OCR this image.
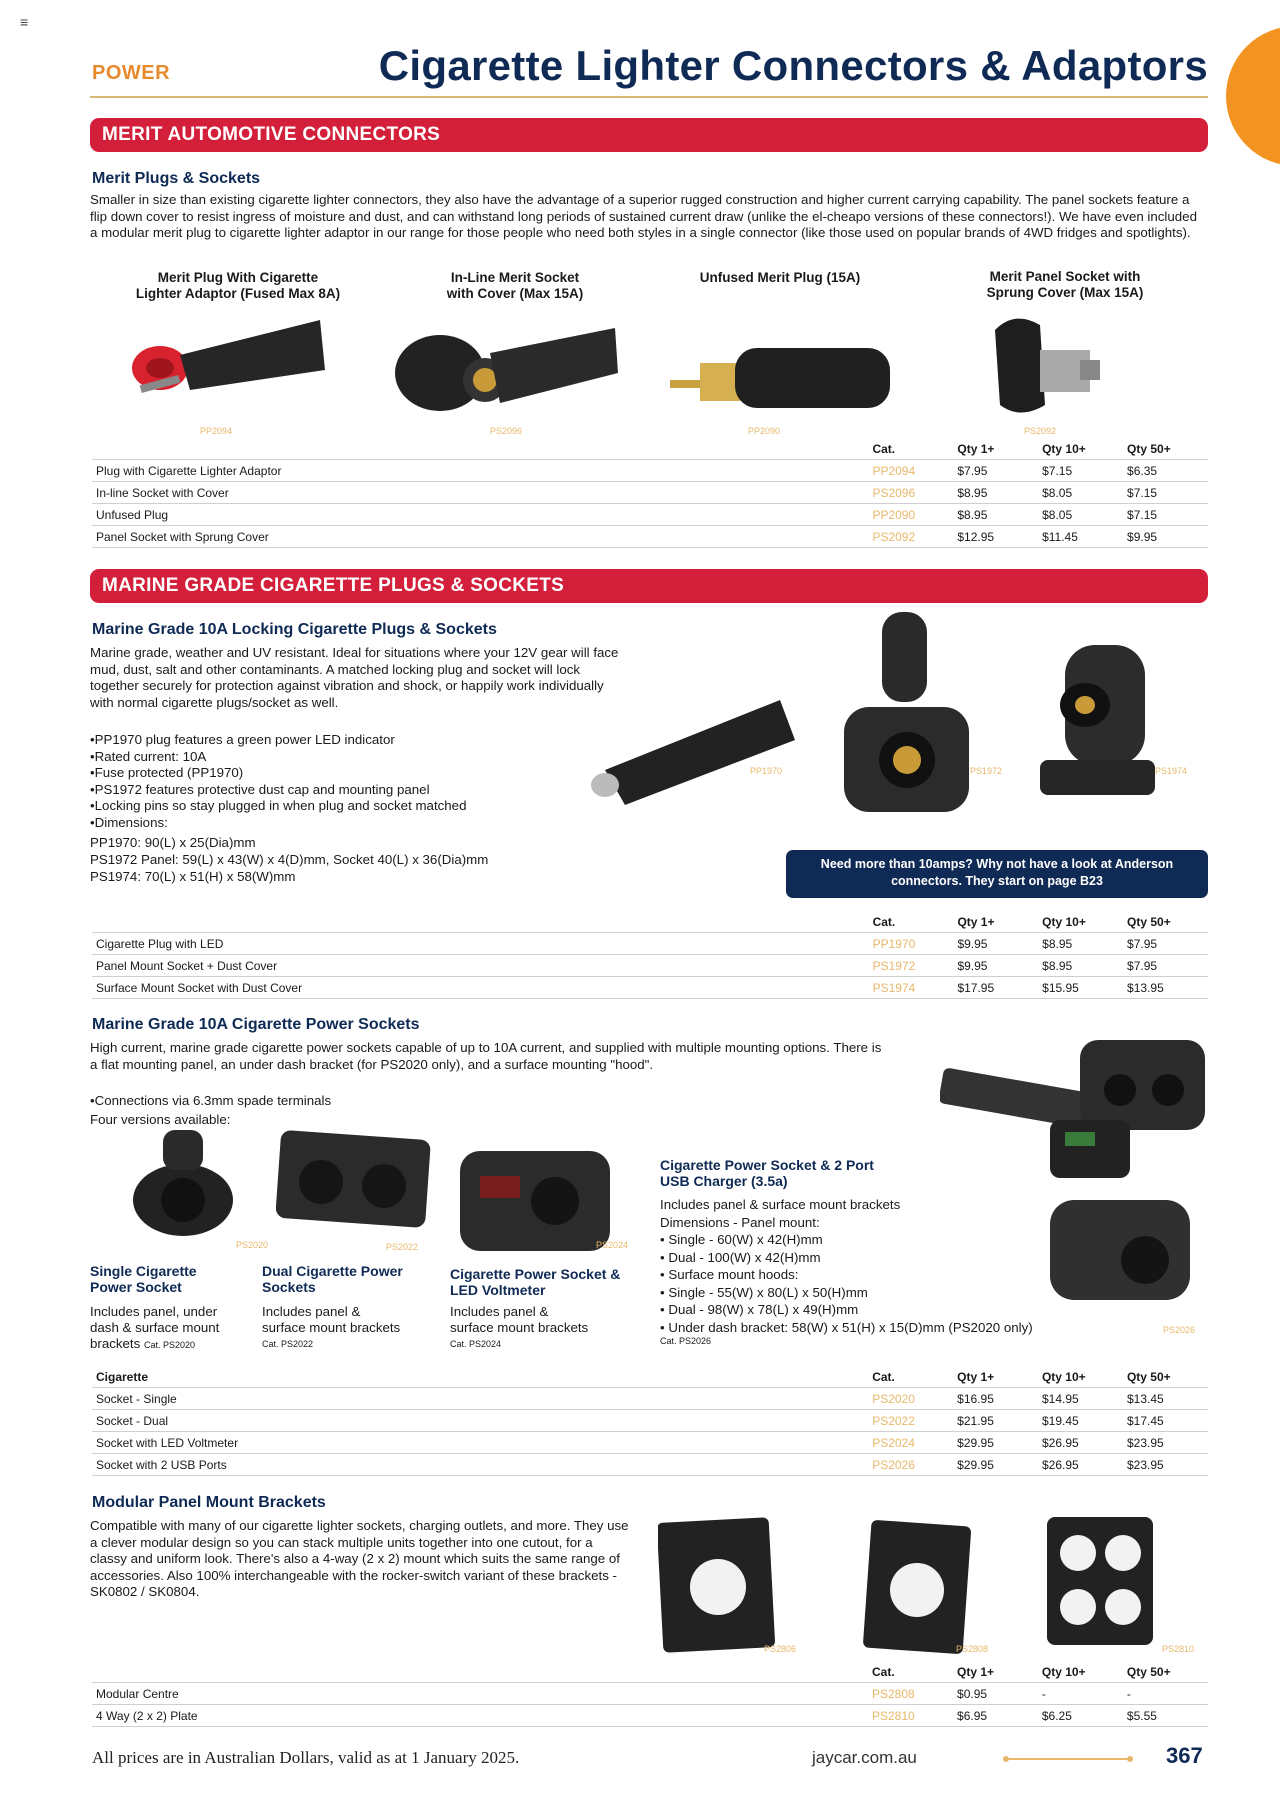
≡
POWER	Cigarette Lighter Connectors & Adaptors
MERIT AUTOMOTIVE CONNECTORS
Merit Plugs & Sockets

Smaller in size than existing cigarette lighter connectors, they also have the advantage of a superior rugged construction and higher current carrying capability. The panel sockets feature a flip down cover to resist ingress of moisture and dust, and can withstand long periods of sustained current draw (unlike the el-cheapo versions of these connectors!). We have even included a modular merit plug to cigarette lighter adaptor in our range for those people who need both styles in a single connector (like those used on popular brands of 4WD fridges and spotlights).

Merit Plug With Cigarette
Lighter Adaptor (Fused Max 8A)
In-Line Merit Socket
with Cover (Max 15A)
Unfused Merit Plug (15A)	Merit Panel Socket with
Sprung Cover (Max 15A)
PP2094	PS2096	PP2090	PS2092
	Cat.	Qty 1+	Qty 10+	Qty 50+
Plug with Cigarette Lighter Adaptor	PP2094	$7.95	$7.15	$6.35
In-line Socket with Cover	PS2096	$8.95	$8.05	$7.15
Unfused Plug	PP2090	$8.95	$8.05	$7.15
Panel Socket with Sprung Cover	PS2092	$12.95	$11.45	$9.95
MARINE GRADE CIGARETTE PLUGS & SOCKETS
Marine Grade 10A Locking Cigarette Plugs & Sockets

Marine grade, weather and UV resistant. Ideal for situations where your 12V gear will face mud, dust, salt and other contaminants. A matched locking plug and socket will lock together securely for protection against vibration and shock, or happily work individually with normal cigarette plugs/socket as well.

• PP1970 plug features a green power LED indicator
• Rated current: 10A
• Fuse protected (PP1970)
• PS1972 features protective dust cap and mounting panel
• Locking pins so stay plugged in when plug and socket matched
• Dimensions:
PP1970: 90(L) x 25(Dia)mm
PS1972 Panel: 59(L) x 43(W) x 4(D)mm, Socket 40(L) x 36(Dia)mm
PS1974: 70(L) x 51(H) x 58(W)mm
PP1970	PS1972	PS1974
Need more than 10amps? Why not have a look at Anderson
connectors. They start on page B23
	Cat.	Qty 1+	Qty 10+	Qty 50+
Cigarette Plug with LED	PP1970	$9.95	$8.95	$7.95
Panel Mount Socket + Dust Cover	PS1972	$9.95	$8.95	$7.95
Surface Mount Socket with Dust Cover	PS1974	$17.95	$15.95	$13.95
Marine Grade 10A Cigarette Power Sockets

High current, marine grade cigarette power sockets capable of up to 10A current, and supplied with multiple mounting options. There is a flat mounting panel, an under dash bracket (for PS2020 only), and a surface mounting "hood".

• Connections via 6.3mm spade terminals
Four versions available:
PS2020	PS2022	PS2024
PS2026
Single Cigarette
Power Socket
Includes panel, under
dash & surface mount
brackets Cat. PS2020
Dual Cigarette Power
Sockets
Includes panel &
surface mount brackets
Cat. PS2022
Cigarette Power Socket &
LED Voltmeter
Includes panel &
surface mount brackets
Cat. PS2024
Cigarette Power Socket & 2 Port
USB Charger (3.5a)
Includes panel & surface mount brackets
Dimensions - Panel mount:
• Single - 60(W) x 42(H)mm
• Dual - 100(W) x 42(H)mm
• Surface mount hoods:
• Single - 55(W) x 80(L) x 50(H)mm
• Dual - 98(W) x 78(L) x 49(H)mm
• Under dash bracket: 58(W) x 51(H) x 15(D)mm (PS2020 only)
Cat. PS2026
Cigarette	Cat.	Qty 1+	Qty 10+	Qty 50+
Socket - Single	PS2020	$16.95	$14.95	$13.45
Socket - Dual	PS2022	$21.95	$19.45	$17.45
Socket with LED Voltmeter	PS2024	$29.95	$26.95	$23.95
Socket with 2 USB Ports	PS2026	$29.95	$26.95	$23.95
Modular Panel Mount Brackets

Compatible with many of our cigarette lighter sockets, charging outlets, and more. They use a clever modular design so you can stack multiple units together into one cutout, for a classy and uniform look. There's also a 4-way (2 x 2) mount which suits the same range of accessories. Also 100% interchangeable with the rocker-switch variant of these brackets - SK0802 / SK0804.

PS2806	PS2808	PS2810
	Cat.	Qty 1+	Qty 10+	Qty 50+
Modular Centre	PS2808	$0.95	-	-
4 Way (2 x 2) Plate	PS2810	$6.95	$6.25	$5.55
All prices are in Australian Dollars, valid as at 1 January 2025.	jaycar.com.au	367
